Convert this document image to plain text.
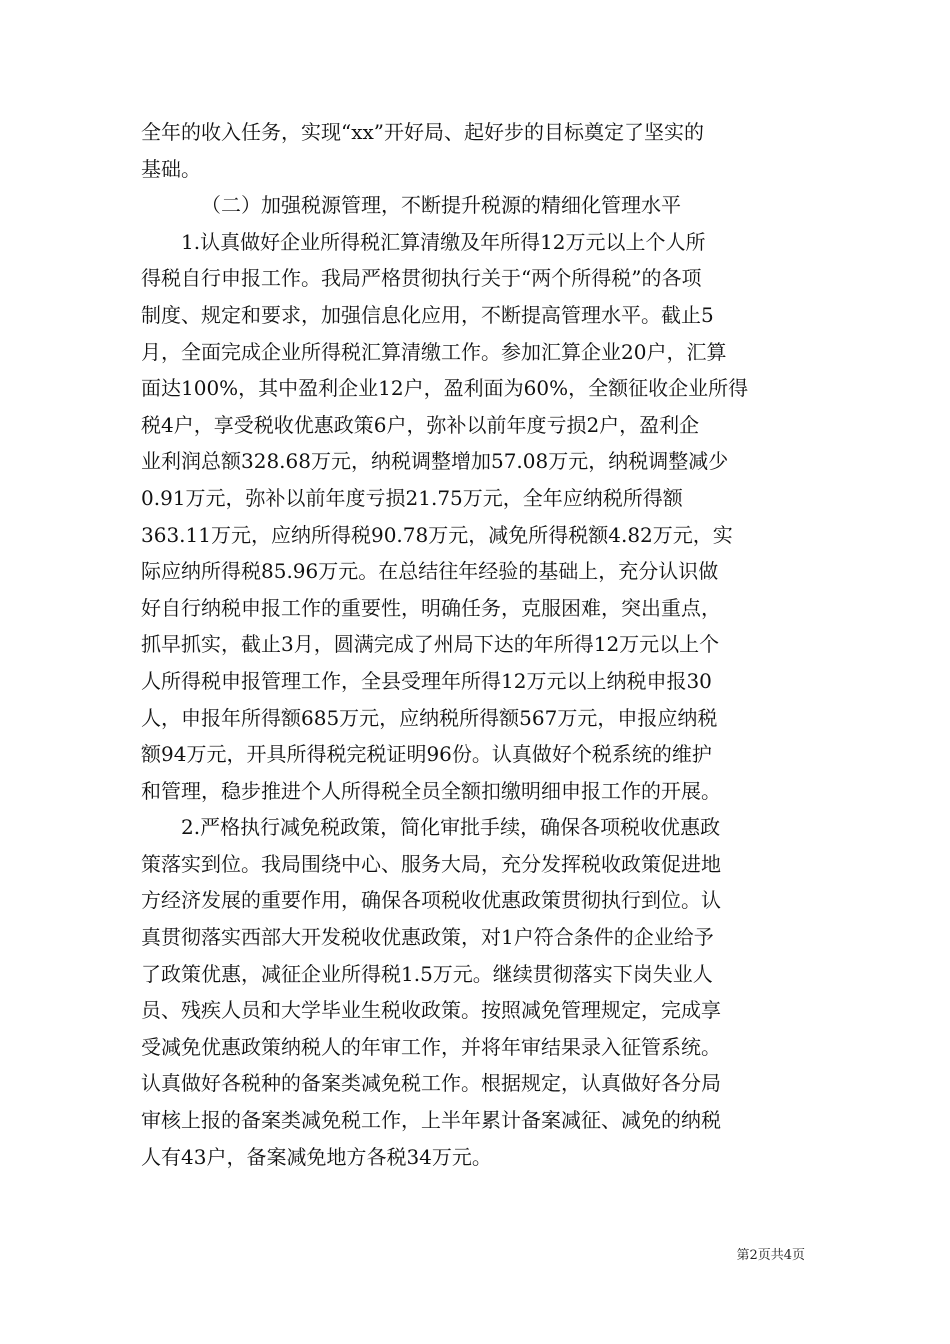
全年的收入任务，实现“xx”开好局、起好步的目标奠定了坚实的
基础。
（二）加强税源管理，不断提升税源的精细化管理水平
1.认真做好企业所得税汇算清缴及年所得12万元以上个人所
得税自行申报工作。我局严格贯彻执行关于“两个所得税”的各项
制度、规定和要求，加强信息化应用，不断提高管理水平。截止5
月，全面完成企业所得税汇算清缴工作。参加汇算企业20户，汇算
面达100%，其中盈利企业12户，盈利面为60%，全额征收企业所得
税4户，享受税收优惠政策6户，弥补以前年度亏损2户，盈利企
业利润总额328.68万元，纳税调整增加57.08万元，纳税调整减少
0.91万元，弥补以前年度亏损21.75万元，全年应纳税所得额
363.11万元，应纳所得税90.78万元，减免所得税额4.82万元，实
际应纳所得税85.96万元。在总结往年经验的基础上，充分认识做
好自行纳税申报工作的重要性，明确任务，克服困难，突出重点，
抓早抓实，截止3月，圆满完成了州局下达的年所得12万元以上个
人所得税申报管理工作，全县受理年所得12万元以上纳税申报30
人，申报年所得额685万元，应纳税所得额567万元，申报应纳税
额94万元，开具所得税完税证明96份。认真做好个税系统的维护
和管理，稳步推进个人所得税全员全额扣缴明细申报工作的开展。
2.严格执行减免税政策，简化审批手续，确保各项税收优惠政
策落实到位。我局围绕中心、服务大局，充分发挥税收政策促进地
方经济发展的重要作用，确保各项税收优惠政策贯彻执行到位。认
真贯彻落实西部大开发税收优惠政策，对1户符合条件的企业给予
了政策优惠，减征企业所得税1.5万元。继续贯彻落实下岗失业人
员、残疾人员和大学毕业生税收政策。按照减免管理规定，完成享
受减免优惠政策纳税人的年审工作，并将年审结果录入征管系统。
认真做好各税种的备案类减免税工作。根据规定，认真做好各分局
审核上报的备案类减免税工作，上半年累计备案减征、减免的纳税
人有43户，备案减免地方各税34万元。
第2页共4页
